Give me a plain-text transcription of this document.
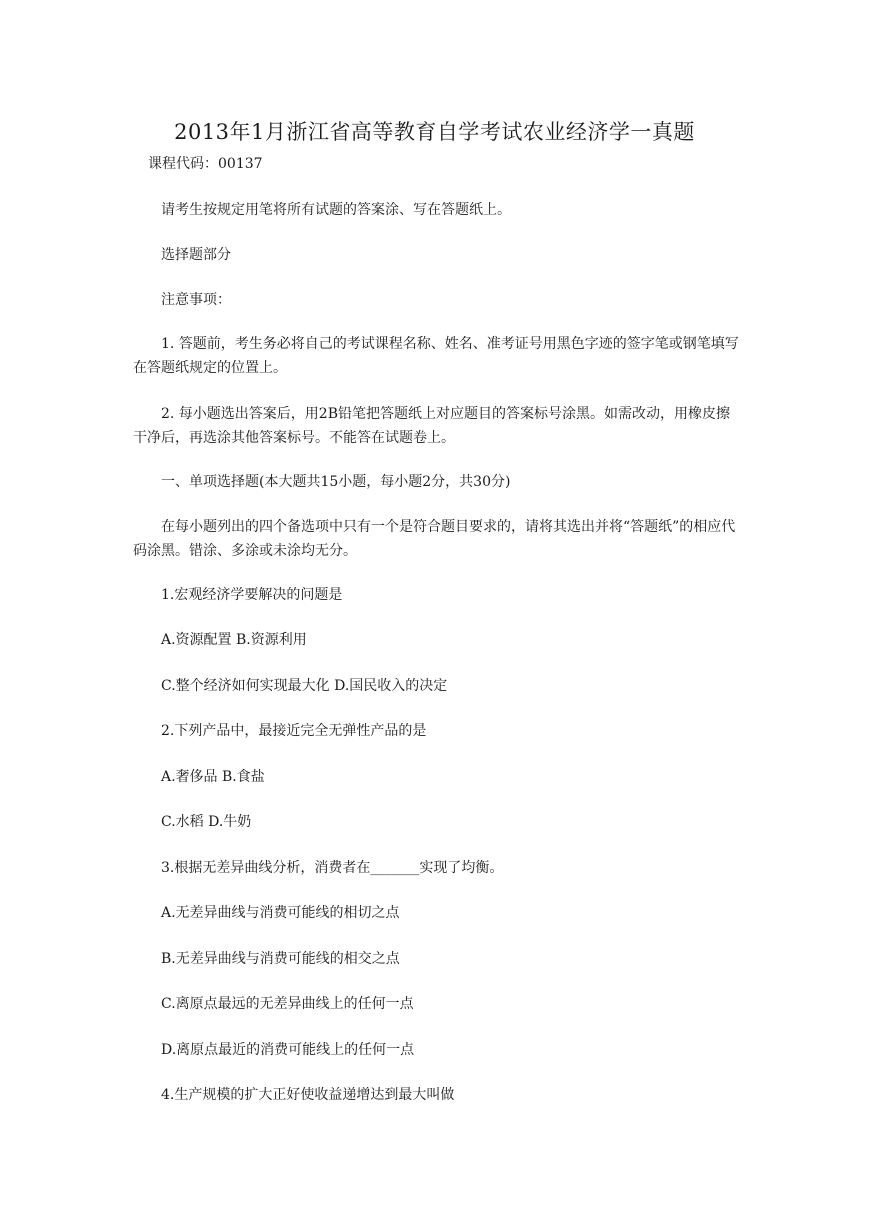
2013年1月浙江省高等教育自学考试农业经济学一真题
课程代码：00137
请考生按规定用笔将所有试题的答案涂、写在答题纸上。
选择题部分
注意事项：
1. 答题前，考生务必将自己的考试课程名称、姓名、准考证号用黑色字迹的签字笔或钢笔填写在答题纸规定的位置上。
2. 每小题选出答案后，用2B铅笔把答题纸上对应题目的答案标号涂黑。如需改动，用橡皮擦干净后，再选涂其他答案标号。不能答在试题卷上。
一、单项选择题(本大题共15小题，每小题2分，共30分)
在每小题列出的四个备选项中只有一个是符合题目要求的，请将其选出并将“答题纸”的相应代码涂黑。错涂、多涂或未涂均无分。
1.宏观经济学要解决的问题是
A.资源配置 B.资源利用
C.整个经济如何实现最大化 D.国民收入的决定
2.下列产品中，最接近完全无弹性产品的是
A.奢侈品 B.食盐
C.水稻 D.牛奶
3.根据无差异曲线分析，消费者在_______实现了均衡。
A.无差异曲线与消费可能线的相切之点
B.无差异曲线与消费可能线的相交之点
C.离原点最远的无差异曲线上的任何一点
D.离原点最近的消费可能线上的任何一点
4.生产规模的扩大正好使收益递增达到最大叫做
